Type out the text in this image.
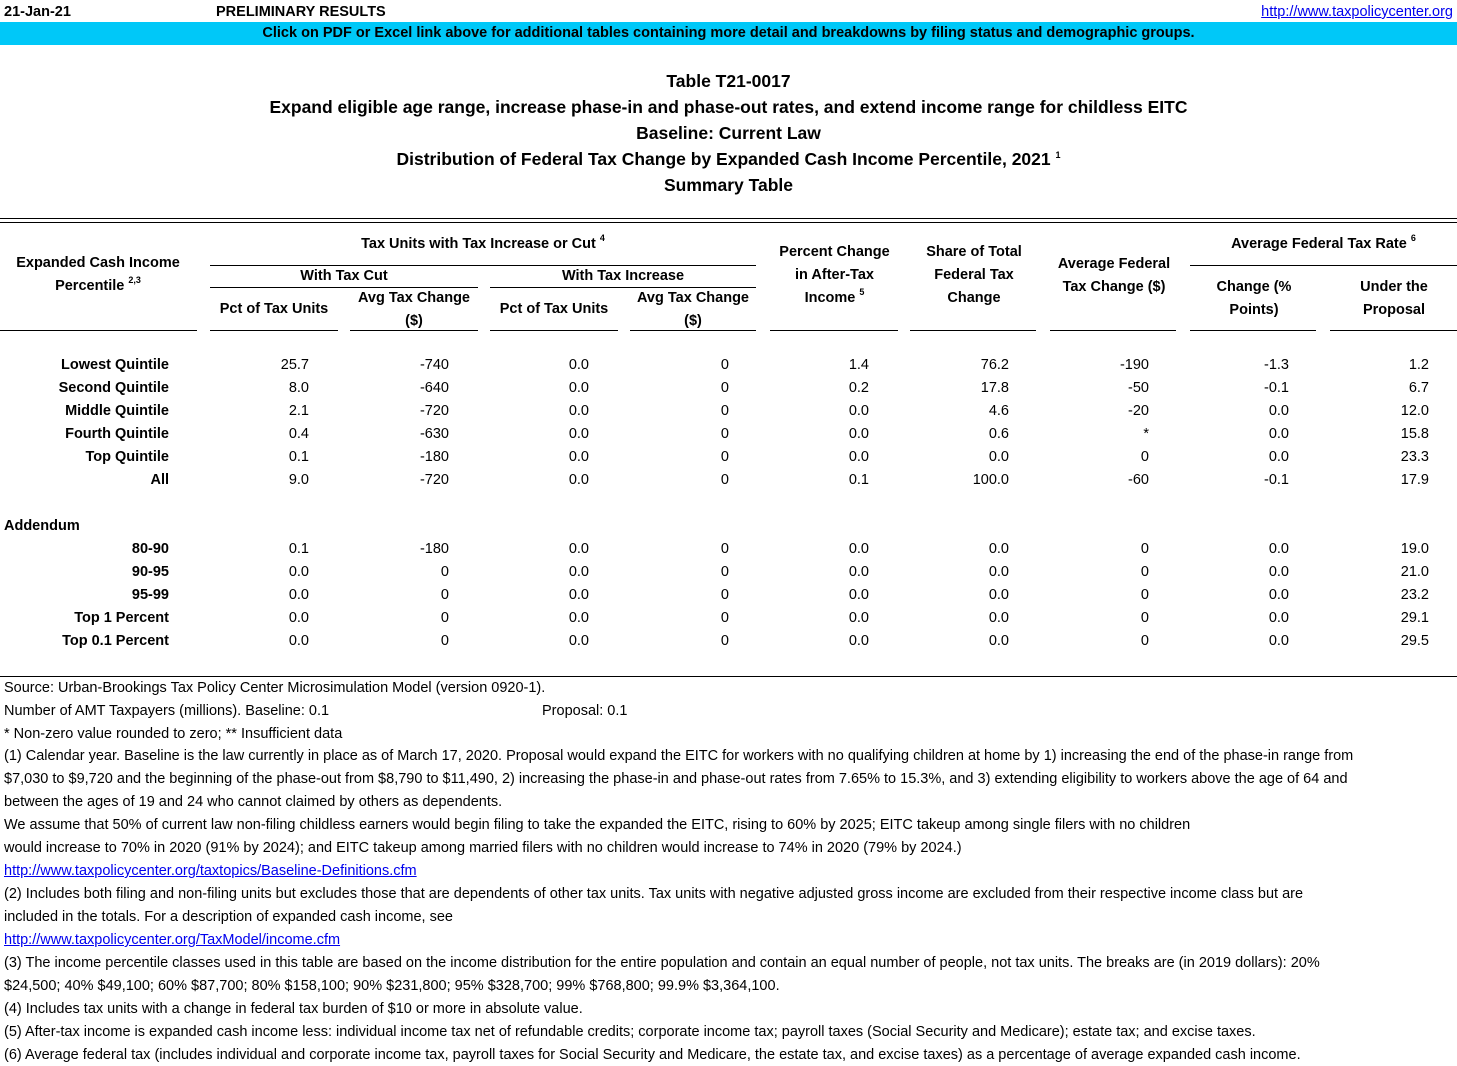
21-Jan-21	PRELIMINARY RESULTS	http://www.taxpolicycenter.org
Click on PDF or Excel link above for additional tables containing more detail and breakdowns by filing status and demographic groups.
Table T21-0017
Expand eligible age range, increase phase-in and phase-out rates, and extend income range for childless EITC
Baseline: Current Law
Distribution of Federal Tax Change by Expanded Cash Income Percentile, 2021 $^1$
Summary Table
Expanded Cash Income Percentile $^{2,3}$
Tax Units with Tax Increase or Cut $^4$
With Tax Cut	With Tax Increase
Pct of Tax Units
Avg Tax Change ($)
Pct of Tax Units
Avg Tax Change ($)
Percent Change in After-Tax Income $^5$
Share of Total Federal Tax Change
Average Federal Tax Change ($)
Average Federal Tax Rate $^6$
Change (% Points)
Under the Proposal
Lowest Quintile	25.7	-740	0.0	0	1.4	76.2	-190	-1.3	1.2
Second Quintile	8.0	-640	0.0	0	0.2	17.8	-50	-0.1	6.7
Middle Quintile	2.1	-720	0.0	0	0.0	4.6	-20	0.0	12.0
Fourth Quintile	0.4	-630	0.0	0	0.0	0.6	*	0.0	15.8
Top Quintile	0.1	-180	0.0	0	0.0	0.0	0	0.0	23.3
All	9.0	-720	0.0	0	0.1	100.0	-60	-0.1	17.9
80-90	0.1	-180	0.0	0	0.0	0.0	0	0.0	19.0
90-95	0.0	0	0.0	0	0.0	0.0	0	0.0	21.0
95-99	0.0	0	0.0	0	0.0	0.0	0	0.0	23.2
Top 1 Percent	0.0	0	0.0	0	0.0	0.0	0	0.0	29.1
Top 0.1 Percent	0.0	0	0.0	0	0.0	0.0	0	0.0	29.5
Addendum
Source: Urban-Brookings Tax Policy Center Microsimulation Model (version 0920-1).
Number of AMT Taxpayers (millions). Baseline: 0.1	Proposal: 0.1
* Non-zero value rounded to zero; ** Insufficient data
(1) Calendar year. Baseline is the law currently in place as of March 17, 2020. Proposal would expand the EITC for workers with no qualifying children at home by 1) increasing the end of the phase-in range from
$7,030 to $9,720 and the beginning of the phase-out from $8,790 to $11,490, 2) increasing the phase-in and phase-out rates from 7.65% to 15.3%, and 3) extending eligibility to workers above the age of 64 and
between the ages of 19 and 24 who cannot claimed by others as dependents.
We assume that 50% of current law non-filing childless earners would begin filing to take the expanded the EITC, rising to 60% by 2025; EITC takeup among single filers with no children
would increase to 70% in 2020 (91% by 2024); and EITC takeup among married filers with no children would increase to 74% in 2020 (79% by 2024.)
http://www.taxpolicycenter.org/taxtopics/Baseline-Definitions.cfm
(2) Includes both filing and non-filing units but excludes those that are dependents of other tax units. Tax units with negative adjusted gross income are excluded from their respective income class but are
included in the totals. For a description of expanded cash income, see
http://www.taxpolicycenter.org/TaxModel/income.cfm
(3) The income percentile classes used in this table are based on the income distribution for the entire population and contain an equal number of people, not tax units. The breaks are (in 2019 dollars): 20%
$24,500; 40% $49,100; 60% $87,700; 80% $158,100; 90% $231,800; 95% $328,700; 99% $768,800; 99.9% $3,364,100.
(4) Includes tax units with a change in federal tax burden of $10 or more in absolute value.
(5) After-tax income is expanded cash income less: individual income tax net of refundable credits; corporate income tax; payroll taxes (Social Security and Medicare); estate tax; and excise taxes.
(6) Average federal tax (includes individual and corporate income tax, payroll taxes for Social Security and Medicare, the estate tax, and excise taxes) as a percentage of average expanded cash income.
